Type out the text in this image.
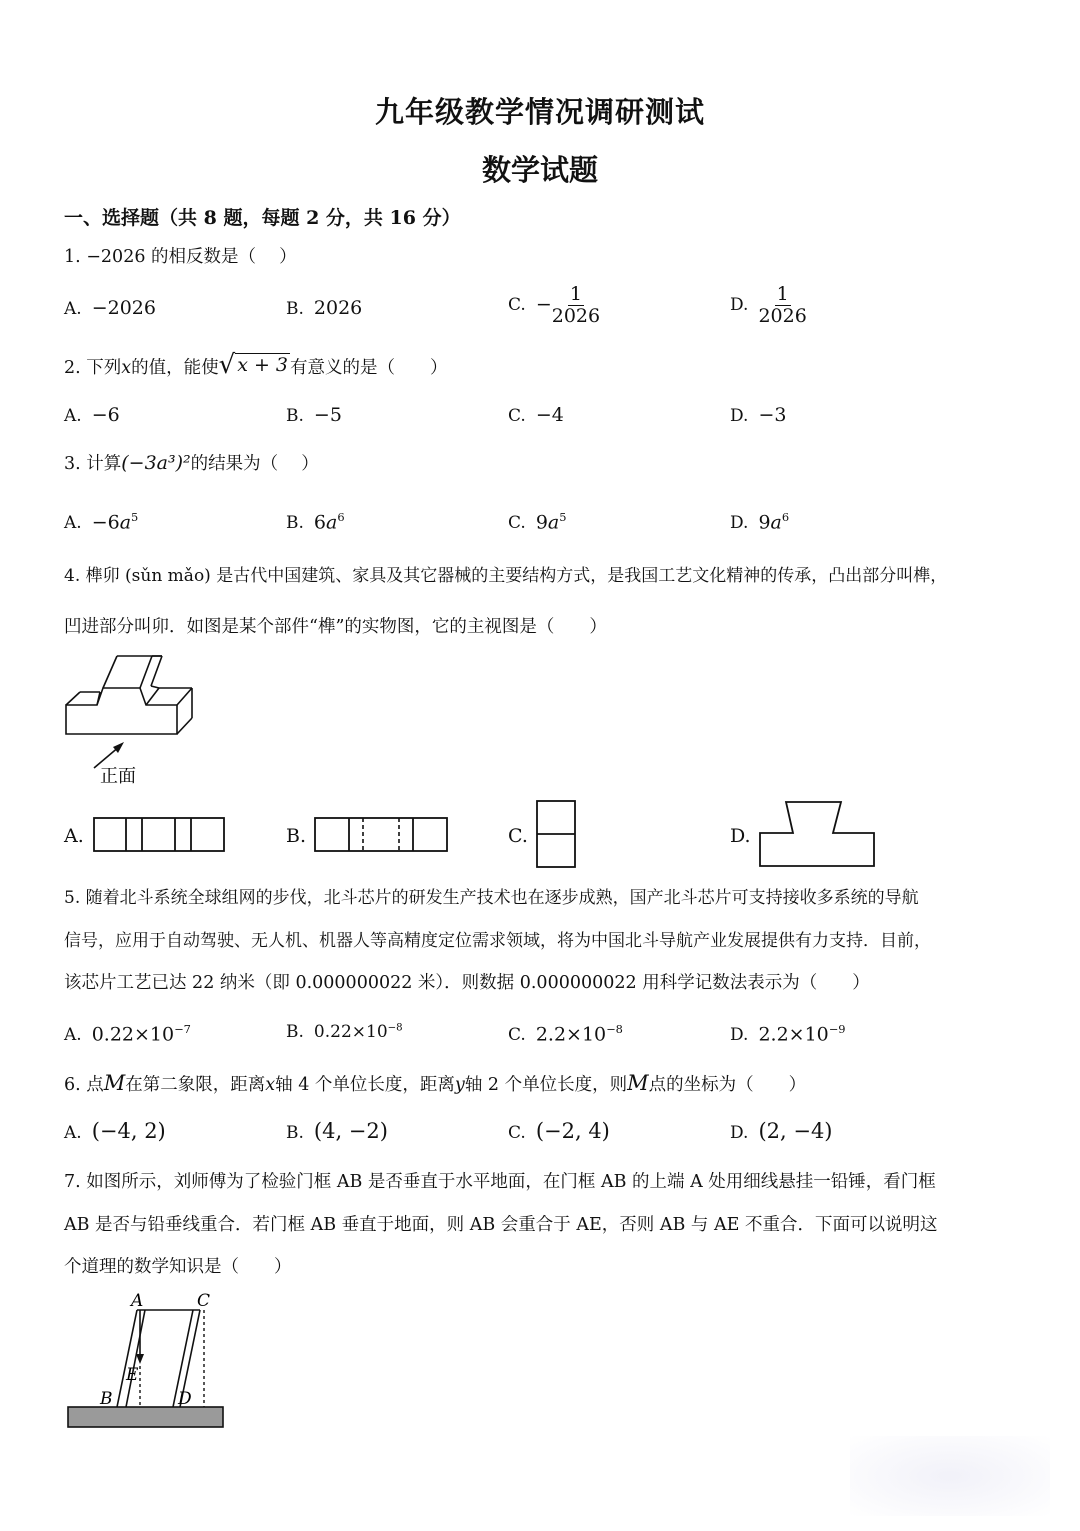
九年级教学情况调研测试
数学试题
一、选择题（共 8 题，每题 2 分，共 16 分）
1. −2026 的相反数是（　 ）
A. −2026	B. 2026	C. − $\frac{1}{2026}$	D. $\frac{1}{2026}$
2. 下列x的值，能使 √ x + 3 有意义的是（　　）
A. −6	B. −5	C. −4	D. −3
3. 计算(−3a³)²的结果为（　 ）
A. $-6a^5$	B. $6a^6$	C. $9a^5$	D. $9a^6$
4. 榫卯 (sǔn mǎo) 是古代中国建筑、家具及其它器械的主要结构方式，是我国工艺文化精神的传承，凸出部分叫榫，
凹进部分叫卯．如图是某个部件“榫”的实物图，它的主视图是（　　）
正面
A.	B.	C.	D.
5. 随着北斗系统全球组网的步伐，北斗芯片的研发生产技术也在逐步成熟，国产北斗芯片可支持接收多系统的导航
信号，应用于自动驾驶、无人机、机器人等高精度定位需求领域，将为中国北斗导航产业发展提供有力支持．目前，
该芯片工艺已达 22 纳米（即 0.000000022 米）．则数据 0.000000022 用科学记数法表示为（　　）
A. $0.22\times 10^{-7}$	B. $0.22\times 10^{-8}$	C. $2.2\times 10^{-8}$	D. $2.2\times 10^{-9}$
6. 点M在第二象限，距离x轴 4 个单位长度，距离y轴 2 个单位长度，则M点的坐标为（　　）
A. (−4, 2)	B. (4, −2)	C. (−2, 4)	D. (2, −4)
7. 如图所示，刘师傅为了检验门框 AB 是否垂直于水平地面，在门框 AB 的上端 A 处用细线悬挂一铅锤，看门框
AB 是否与铅垂线重合．若门框 AB 垂直于地面，则 AB 会重合于 AE，否则 AB 与 AE 不重合．下面可以说明这
个道理的数学知识是（　　）
A	C
E
B	D
